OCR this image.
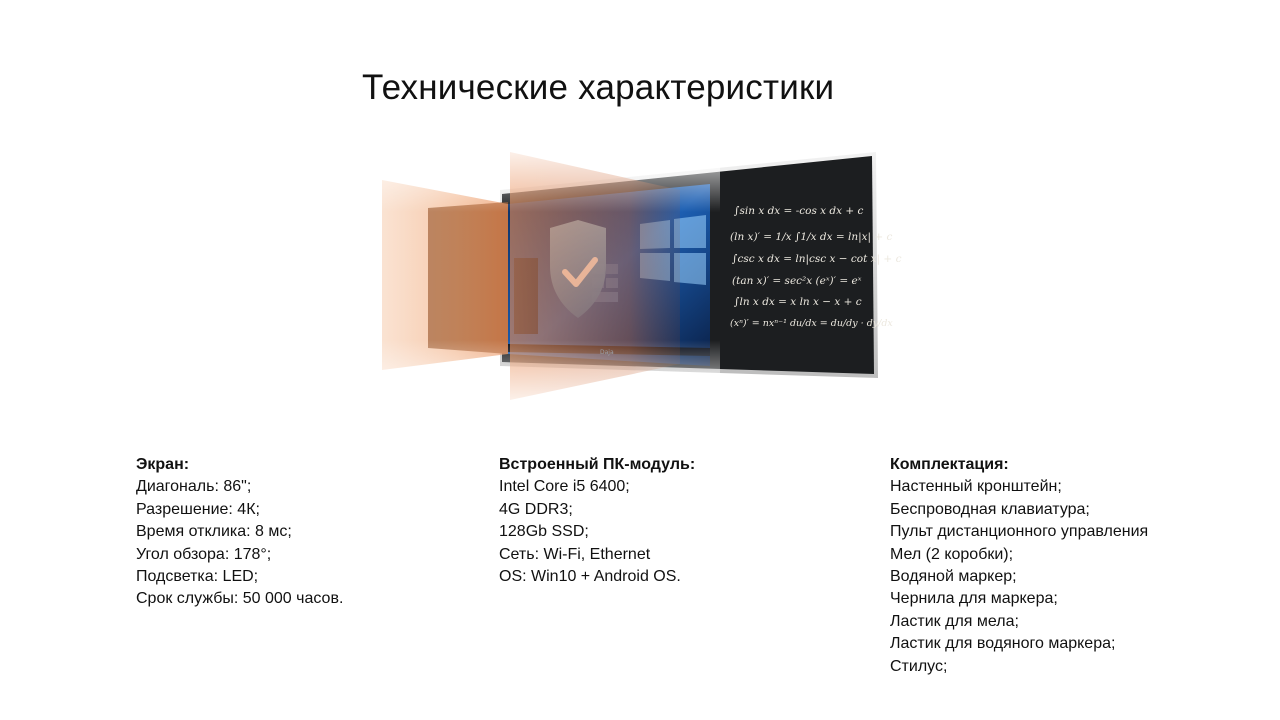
Технические характеристики
Daja
∫sin x dx = -cos x dx + c
(ln x)′ = 1/x ∫1/x dx = ln|x| + c
∫csc x dx = ln|csc x − cot x| + c
(tan x)′ = sec²x (eˣ)′ = eˣ
∫ln x dx = x ln x − x + c
(xⁿ)′ = nxⁿ⁻¹ du/dx = du/dy · dy/dx
Экран:
Диагональ: 86";
Разрешение: 4К;
Время отклика: 8 мс;
Угол обзора: 178°;
Подсветка: LED;
Срок службы: 50 000 часов.
Встроенный ПК-модуль:
Intel Core i5 6400;
4G DDR3;
128Gb SSD;
Сеть: Wi-Fi, Ethernet
OS: Win10 + Android OS.
Комплектация:
Настенный кронштейн;
Беспроводная клавиатура;
Пульт дистанционного управления
Мел (2 коробки);
Водяной маркер;
Чернила для маркера;
Ластик для мела;
Ластик для водяного маркера;
Стилус;
